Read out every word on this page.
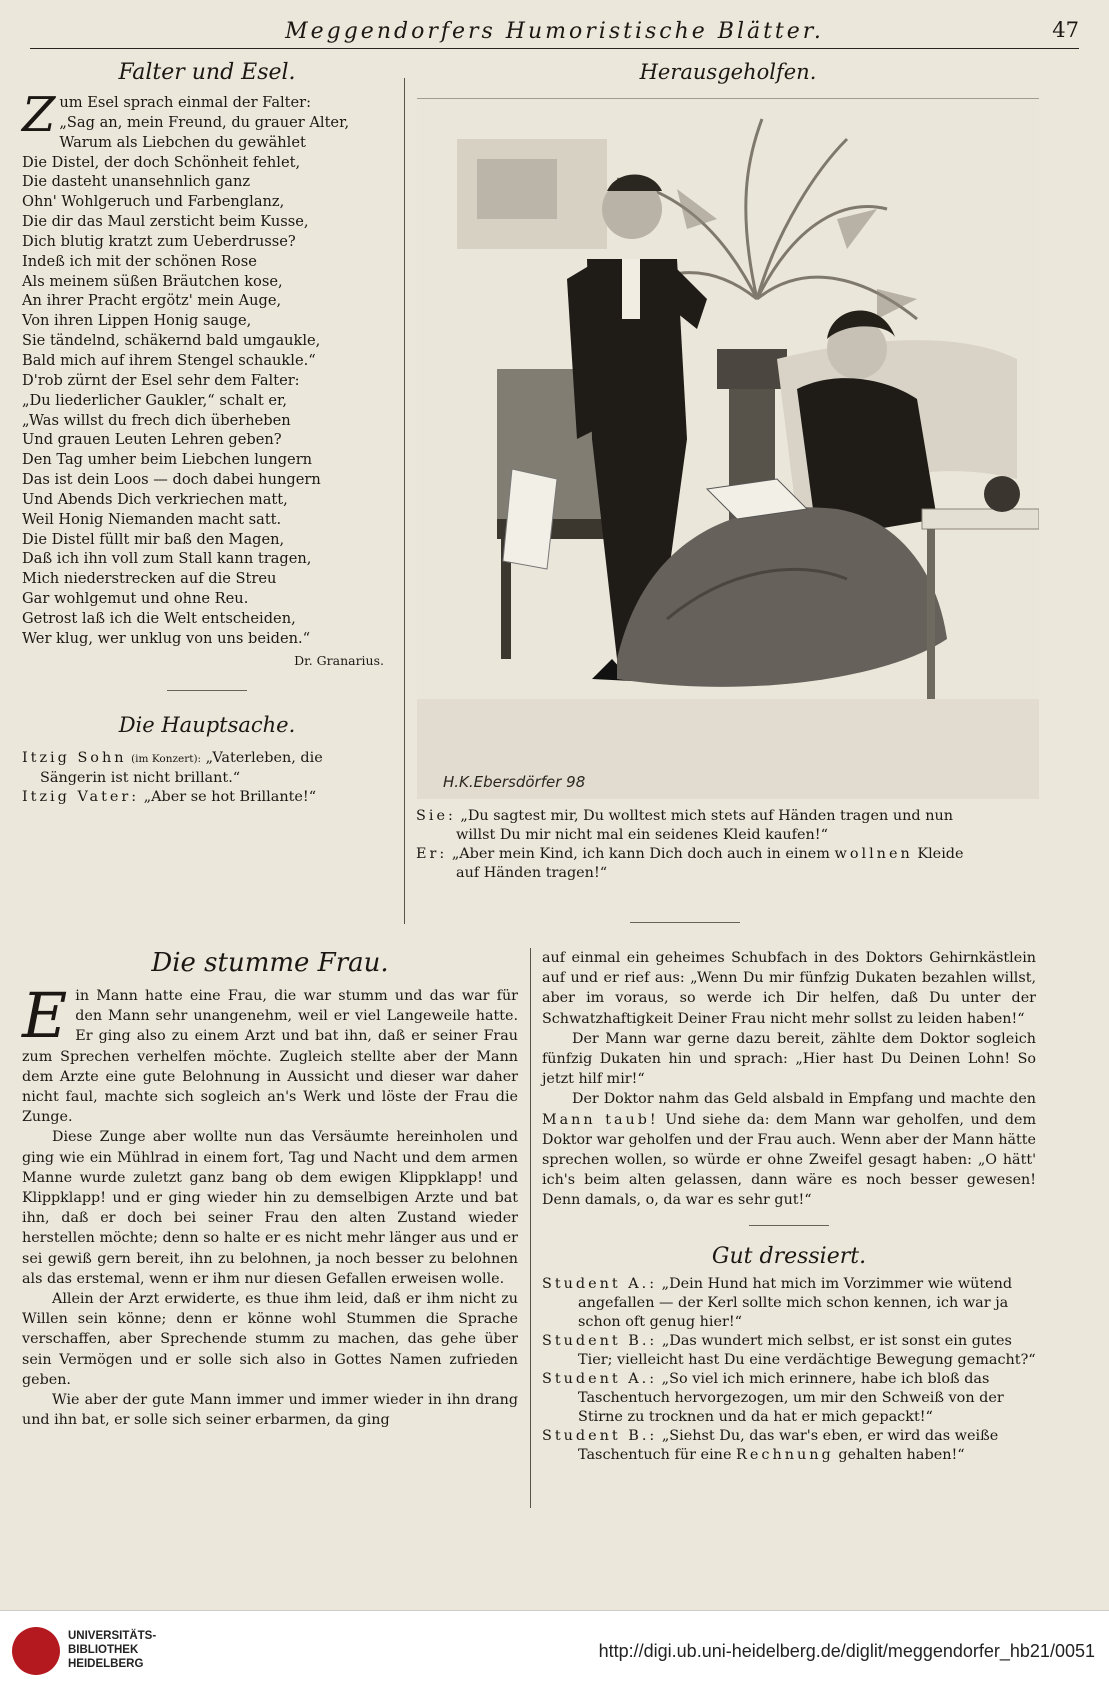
Meggendorfers Humoristische Blätter.	47
Falter und Esel.
Z um Esel sprach einmal der Falter:
„Sag an, mein Freund, du grauer Alter,
Warum als Liebchen du gewählet
Die Distel, der doch Schönheit fehlet,
Die dasteht unansehnlich ganz
Ohn' Wohlgeruch und Farbenglanz,
Die dir das Maul zersticht beim Kusse,
Dich blutig kratzt zum Ueberdrusse?
Indeß ich mit der schönen Rose
Als meinem süßen Bräutchen kose,
An ihrer Pracht ergötz' mein Auge,
Von ihren Lippen Honig sauge,
Sie tändelnd, schäkernd bald umgaukle,
Bald mich auf ihrem Stengel schaukle.“
D'rob zürnt der Esel sehr dem Falter:
„Du liederlicher Gaukler,“ schalt er,
„Was willst du frech dich überheben
Und grauen Leuten Lehren geben?
Den Tag umher beim Liebchen lungern
Das ist dein Loos — doch dabei hungern
Und Abends Dich verkriechen matt,
Weil Honig Niemanden macht satt.
Die Distel füllt mir baß den Magen,
Daß ich ihn voll zum Stall kann tragen,
Mich niederstrecken auf die Streu
Gar wohlgemut und ohne Reu.
Getrost laß ich die Welt entscheiden,
Wer klug, wer unklug von uns beiden.“
Dr. Granarius.
Die Hauptsache.
Itzig Sohn (im Konzert): „Vaterleben, die
Sängerin ist nicht brillant.“
Itzig Vater: „Aber se hot Brillante!“
Herausgeholfen.
H.K.Ebersdörfer 98
Sie: „Du sagtest mir, Du wolltest mich stets auf Händen tragen und nun
willst Du mir nicht mal ein seidenes Kleid kaufen!“
Er: „Aber mein Kind, ich kann Dich doch auch in einem wollnen Kleide
auf Händen tragen!“
Die stumme Frau.

Ein Mann hatte eine Frau, die war stumm und das war für den Mann sehr unangenehm, weil er viel Langeweile hatte. Er ging also zu einem Arzt und bat ihn, daß er seiner Frau zum Sprechen verhelfen möchte. Zugleich stellte aber der Mann dem Arzte eine gute Belohnung in Aussicht und dieser war daher nicht faul, machte sich sogleich an's Werk und löste der Frau die Zunge.

Diese Zunge aber wollte nun das Versäumte hereinholen und ging wie ein Mühlrad in einem fort, Tag und Nacht und dem armen Manne wurde zuletzt ganz bang ob dem ewigen Klippklapp! und Klippklapp! und er ging wieder hin zu demselbigen Arzte und bat ihn, daß er doch bei seiner Frau den alten Zustand wieder herstellen möchte; denn so halte er es nicht mehr länger aus und er sei gewiß gern bereit, ihn zu belohnen, ja noch besser zu belohnen als das erstemal, wenn er ihm nur diesen Gefallen erweisen wolle.

Allein der Arzt erwiderte, es thue ihm leid, daß er ihm nicht zu Willen sein könne; denn er könne wohl Stummen die Sprache verschaffen, aber Sprechende stumm zu machen, das gehe über sein Vermögen und er solle sich also in Gottes Namen zufrieden geben.

Wie aber der gute Mann immer und immer wieder in ihn drang und ihn bat, er solle sich seiner erbarmen, da ging

auf einmal ein geheimes Schubfach in des Doktors Gehirnkästlein auf und er rief aus: „Wenn Du mir fünfzig Dukaten bezahlen willst, aber im voraus, so werde ich Dir helfen, daß Du unter der Schwatzhaftigkeit Deiner Frau nicht mehr sollst zu leiden haben!“

Der Mann war gerne dazu bereit, zählte dem Doktor sogleich fünfzig Dukaten hin und sprach: „Hier hast Du Deinen Lohn! So jetzt hilf mir!“

Der Doktor nahm das Geld alsbald in Empfang und machte den Mann taub! Und siehe da: dem Mann war geholfen, und dem Doktor war geholfen und der Frau auch. Wenn aber der Mann hätte sprechen wollen, so würde er ohne Zweifel gesagt haben: „O hätt' ich's beim alten gelassen, dann wäre es noch besser gewesen! Denn damals, o, da war es sehr gut!“

Gut dressiert.
Student A.: „Dein Hund hat mich im Vorzimmer wie wütend
angefallen — der Kerl sollte mich schon kennen, ich war ja schon oft genug hier!“
Student B.: „Das wundert mich selbst, er ist sonst ein gutes
Tier; vielleicht hast Du eine verdächtige Bewegung gemacht?“
Student A.: „So viel ich mich erinnere, habe ich bloß das
Taschentuch hervorgezogen, um mir den Schweiß von der Stirne zu trocknen und da hat er mich gepackt!“
Student B.: „Siehst Du, das war's eben, er wird das weiße
Taschentuch für eine Rechnung gehalten haben!“
UNIVERSITÄTS-
BIBLIOTHEK
HEIDELBERG
http://digi.ub.uni-heidelberg.de/diglit/meggendorfer_hb21/0051
